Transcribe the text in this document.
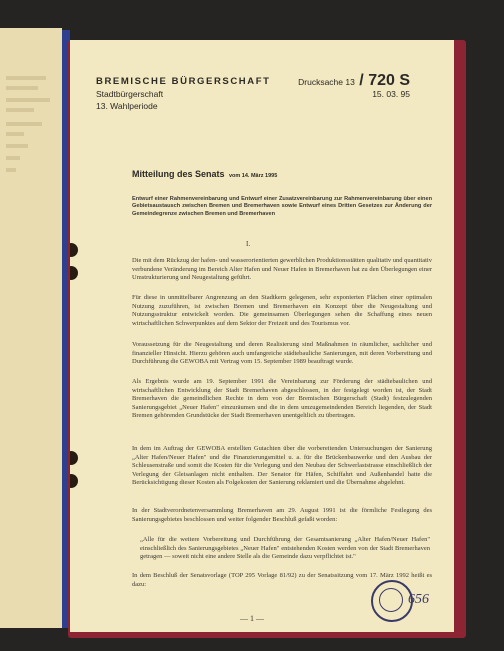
BREMISCHE BÜRGERSCHAFT	Drucksache 13 / 720 S
Stadtbürgerschaft	15. 03. 95
13. Wahlperiode
Mitteilung des Senats vom 14. März 1995

Entwurf einer Rahmenvereinbarung und Entwurf einer Zusatzvereinbarung zur Rahmenvereinbarung über einen Gebietsaustausch zwischen Bremen und Bremerhaven sowie Entwurf eines Dritten Gesetzes zur Änderung der Gemeindegrenze zwischen Bremen und Bremerhaven

I.

Die mit dem Rückzug der hafen- und wasserorientierten gewerblichen Produktionsstätten qualitativ und quantitativ verbundene Veränderung im Bereich Alter Hafen und Neuer Hafen in Bremerhaven hat zu den Überlegungen einer Umstrukturierung und Neugestaltung geführt.

Für diese in unmittelbarer Angrenzung an den Stadtkern gelegenen, sehr exponierten Flächen einer optimalen Nutzung zuzuführen, ist zwischen Bremen und Bremerhaven ein Konzept über die Neugestaltung und Nutzungsstruktur entwickelt worden. Die gemeinsamen Überlegungen sehen die Schaffung eines neuen wirtschaftlichen Schwerpunktes auf dem Sektor der Freizeit und des Tourismus vor.

Voraussetzung für die Neugestaltung und deren Realisierung sind Maßnahmen in räumlicher, sachlicher und finanzieller Hinsicht. Hierzu gehören auch umfangreiche städtebauliche Sanierungen, mit deren Vorbereitung und Durchführung die GEWOBA mit Vertrag vom 15. September 1989 beauftragt wurde.

Als Ergebnis wurde am 19. September 1991 die Vereinbarung zur Förderung der städtebaulichen und wirtschaftlichen Entwicklung der Stadt Bremerhaven abgeschlossen, in der festgelegt worden ist, der Stadt Bremerhaven die gemeindlichen Rechte in dem von der Bremischen Bürgerschaft (Stadt) festzulegenden Sanierungsgebiet „Neuer Hafen" einzuräumen und die in dem umzugemeindenden Bereich liegenden, der Stadt Bremen gehörenden Grundstücke der Stadt Bremerhaven unentgeltlich zu übertragen.

In dem im Auftrag der GEWOBA erstellten Gutachten über die vorbereitenden Untersuchungen der Sanierung „Alter Hafen/Neuer Hafen" und die Finanzierungsmittel u. a. für die Brückenbauwerke und den Ausbau der Schleusenstraße und somit die Kosten für die Verlegung und den Neubau der Schwerlaststrasse einschließlich der Verlegung der Gleisanlagen nicht enthalten. Der Senator für Häfen, Schiffahrt und Außenhandel hatte die Berücksichtigung dieser Kosten als Folgekosten der Sanierung reklamiert und die Übernahme abgelehnt.

In der Stadtverordnetenversammlung Bremerhaven am 29. August 1991 ist die förmliche Festlegung des Sanierungsgebietes beschlossen und weiter folgender Beschluß gefaßt worden:

„Alle für die weitere Vorbereitung und Durchführung der Gesamtsanierung „Alter Hafen/Neuer Hafen" einschließlich des Sanierungsgebietes „Neuer Hafen" entstehenden Kosten werden von der Stadt Bremerhaven getragen — soweit nicht eine andere Stelle als die Gemeinde dazu verpflichtet ist."

In dem Beschluß der Senatsvorlage (TOP 295 Vorlage 81/92) zu der Senatssitzung vom 17. März 1992 heißt es dazu:

— 1 —
656
